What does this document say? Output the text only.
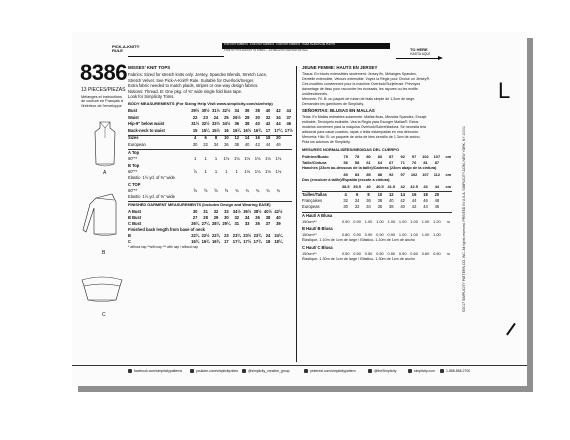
PICK-A-KNIT®
RULE
FOR KNIT FABRICS · FOR KNIT FABRICS · FOR KNIT FABRICS · PARA TEJIDOS DE PUNTO
STRETCH THIS AMOUNT OF FABRIC — ESTIRE ESTA CANTIDAD DE TELA	TO HERE
HASTA AQUÍ
L
8386
13 PIECES/PIEZAS
Mélanges et instructions de couture en Français à l'intérieur de l'enveloppe
A
B
C
MISSES' KNIT TOPS
Fabrics: Sized for stretch knits only: Jersey, Spandex Blends, Stretch Lace,
Stretch Velvet. See Pick-A-Knit® Rule. Suitable for Overlock/Serger.
Extra fabric needed to match plaids, stripes or one-way design fabrics.
Notions: Thread. B: One pkg. of ⅜" wide single fold bias tape.
Look for Simplicity Trims.
BODY MEASUREMENTS (For Sizing Help Visit www.simplicity.com/sizehelp)
JEUNE FEMME: HAUTS EN JERSEY
Tissus: En tricots extensibles seulement: Jersey fin, Mélanges Spandex,
Dentelle extensible, Velours extensible. Voyez la Règle pour Choisir un Jersey®.
Ces modèles conviennent pour la machine Overlock/Surjeteuse. Prévoyez
davantage de tissu pour raccorder les écossais, les rayures ou les motifs
unidirectionnels.
Mercerie- Fil. B: un paquet de ruban de biais simple de 1,3cm de large.
Demandez les garnitures de Simplicity.
SEÑORITAS: BLUSAS EN MALLAS
Telas: En Mallas estirables solamente: Mallas finas, Mezclas Spandex, Encaje
estirable, Terciopelo estirable. Vea la Regla para Escoger Mallas®. Estos
modelos convienen para la máquina Overlock/Sobrehiladora. Se necesita tela
adicional para casar cuadros, rayas o telas estampadas en una dirección.
Mercería: Hilo. B: un paquete de cinta de bies sencillo de 1.3cm de ancho.
Pida los adornos de Simplicity.
MESURES NORMALISÉES/MEDIDAS DEL CUERPO	©2017 SIMPLICITY PATTERN CO. INC. All rights reserved. PRINTED IN U.S.A. SIMPLICITY.COM, NEW YORK, NY 10001
facebook.com/simplicitypatterns	youtube.com/simplicityvideo	@simplicity_creative_group	pinterest.com/simplicitypattern	@theSimplicity	simplicity.com	1-888-588-2700
Bust	29½ 30½ 31½ 32½	34	36	38	40	42	44
Waist	22	23	24	25	26½	28	30	32	34	37
Hip-9" below waist	31½ 32½ 33½ 34½	36	38	40	42	44	46
Back-neck to waist	15	15¼ 15½	16	16¼ 16½ 16¾	17	17¼ 17½
Sizes	4	6	8	10	12	14	16	18	20
European	30	32	34	36	38	40	42	44	46
A Top
60"**	1	1	1	1⅛	1⅛	1⅛	1⅛	1⅛	1⅛
B Top
60"**	⅞	1	1	1	1	1⅛	1⅛	1⅛	1⅛
Elastic- 1½ yd. of ⅜" wide
C TOP
60"**	⅝	⅝	⅝	⅝	¾	¾	¾	¾	¾
Elastic- 1½ yd. of ⅜" wide
FINISHED GARMENT MEASUREMENTS (Includes Design and Wearing EASE)
A Bust	30	31	32	33	34½ 36½ 38½ 40½ 42½
B Bust	27	28	29	30	32	34	36	38	40
C Bust	26¼ 27¼ 28¼ 29¼	31	33	35	37	39
Finished back length from base of neck
B	22¼ 22½ 22¾	23	23¼ 23½ 23¾	24	24¼
C	16¾ 16¾ 16¾	17	17¼ 17½ 17¾	18	18¼
* without nap **with nap *** with nap / without nap
Poitrine/Busto	75	78	80	83	87	92	97	102	107	cm
Taille/Cintura	56	58	61	64	67	71	76	81	87
Hanches (23cm au-dessous de la taille)/Caderas (23cm abajo de la cintura)
80	83	85	88	92	97	102	107	112	cm
Dos (encolure à taille)/Espalda (escote a cintura)
38.5 39.5	40	40.5 41.5	42	42.5	43	44	cm
Tailles/Tallas	4	6	8	10	12	14	16	18	20
Françaises	32	34	36	38	40	42	44	46	48
Europeas	30	32	34	36	38	40	42	44	46
A Haut/ A Blusa
150cm**	0.90 0.90 1.00 1.00 1.00 1.00 1.00 1.00 1.20	m
B Haut/ B Blusa
150cm**	0.80 0.90 0.90 0.90 0.90 1.00 1.00 1.00 1.00
Élastique- 1.10m de 1cm de large / Elástico- 1.10m de 1cm de ancho
C Haut/ C Blusa
150cm**	0.50 0.50 0.50 0.50 0.50 0.50 0.60 0.60 0.60	m
Élastique- 1.30m de 1cm de large / Elástico- 1.30m de 1cm de ancho
